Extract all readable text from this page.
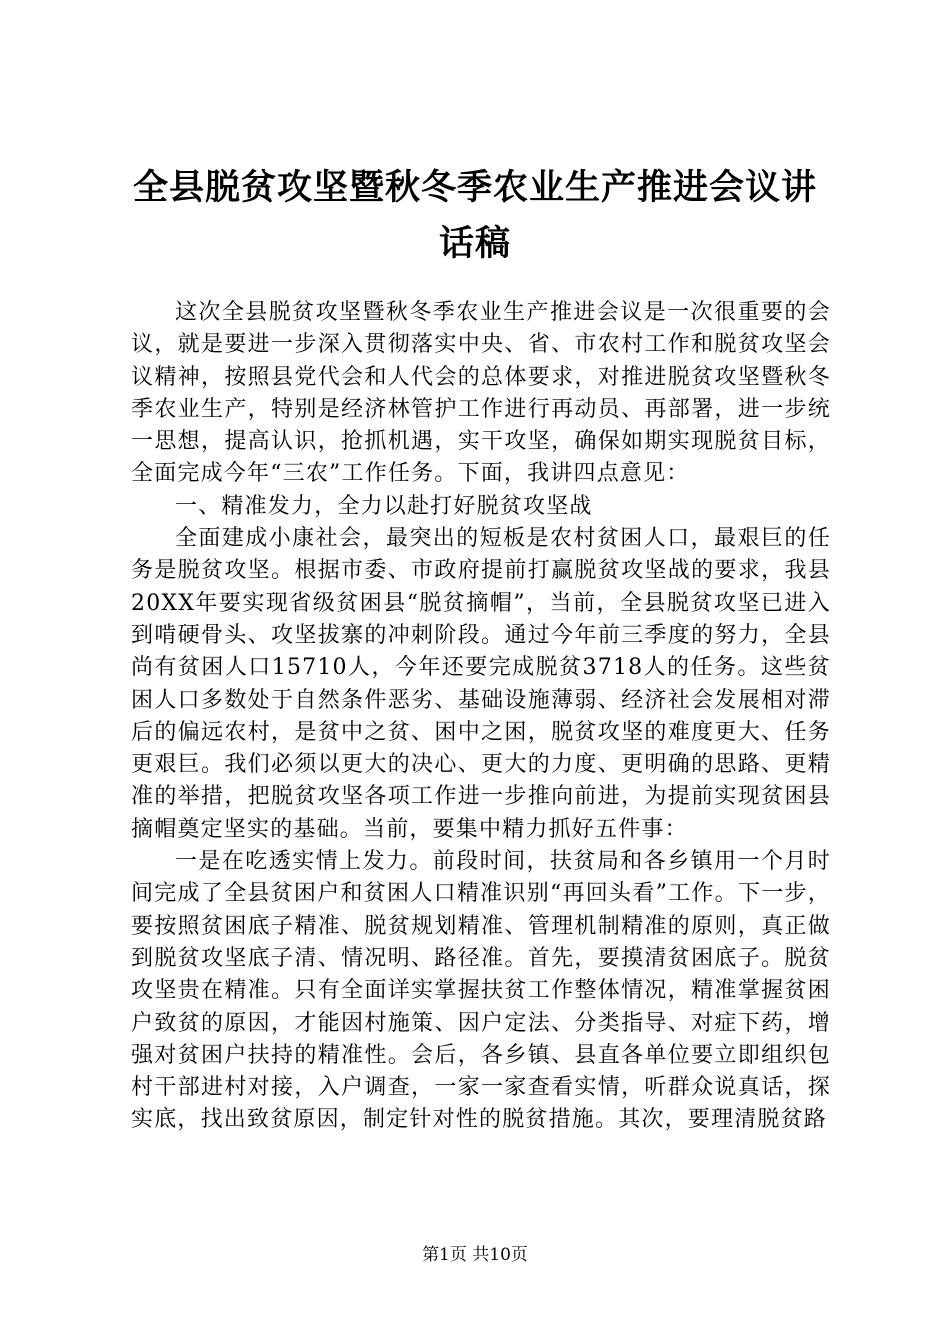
全县脱贫攻坚暨秋冬季农业生产推进会议讲话稿

这次全县脱贫攻坚暨秋冬季农业生产推进会议是一次很重要的会议，就是要进一步深入贯彻落实中央、省、市农村工作和脱贫攻坚会议精神，按照县党代会和人代会的总体要求，对推进脱贫攻坚暨秋冬季农业生产，特别是经济林管护工作进行再动员、再部署，进一步统一思想，提高认识，抢抓机遇，实干攻坚，确保如期实现脱贫目标，全面完成今年“三农”工作任务。下面，我讲四点意见：

一、精准发力，全力以赴打好脱贫攻坚战

全面建成小康社会，最突出的短板是农村贫困人口，最艰巨的任务是脱贫攻坚。根据市委、市政府提前打赢脱贫攻坚战的要求，我县20XX年要实现省级贫困县“脱贫摘帽”，当前，全县脱贫攻坚已进入到啃硬骨头、攻坚拔寨的冲刺阶段。通过今年前三季度的努力，全县尚有贫困人口15710人，今年还要完成脱贫3718人的任务。这些贫困人口多数处于自然条件恶劣、基础设施薄弱、经济社会发展相对滞后的偏远农村，是贫中之贫、困中之困，脱贫攻坚的难度更大、任务更艰巨。我们必须以更大的决心、更大的力度、更明确的思路、更精准的举措，把脱贫攻坚各项工作进一步推向前进，为提前实现贫困县摘帽奠定坚实的基础。当前，要集中精力抓好五件事：

一是在吃透实情上发力。前段时间，扶贫局和各乡镇用一个月时间完成了全县贫困户和贫困人口精准识别“再回头看”工作。下一步，要按照贫困底子精准、脱贫规划精准、管理机制精准的原则，真正做到脱贫攻坚底子清、情况明、路径准。首先，要摸清贫困底子。脱贫攻坚贵在精准。只有全面详实掌握扶贫工作整体情况，精准掌握贫困户致贫的原因，才能因村施策、因户定法、分类指导、对症下药，增强对贫困户扶持的精准性。会后，各乡镇、县直各单位要立即组织包村干部进村对接，入户调查，一家一家查看实情，听群众说真话，探实底，找出致贫原因，制定针对性的脱贫措施。其次，要理清脱贫路

第1页 共10页
